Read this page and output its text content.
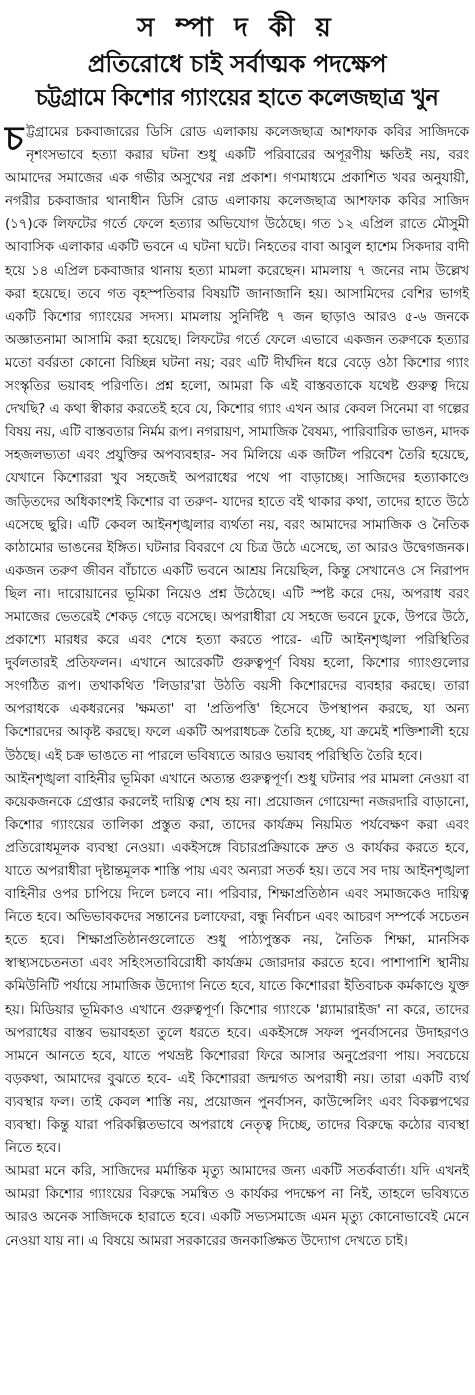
স ম্পা দ কী য়
প্রতিরোধে চাই সর্বাত্মক পদক্ষেপ
চট্টগ্রামে কিশোর গ্যাংয়ের হাতে কলেজছাত্র খুন

চট্টগ্রামের চকবাজারের ডিসি রোড এলাকায় কলেজছাত্র আশফাক কবির সাজিদকে নৃশংসভাবে হত্যা করার ঘটনা শুধু একটি পরিবারের অপূরণীয় ক্ষতিই নয়, বরং আমাদের সমাজের এক গভীর অসুখের নগ্ন প্রকাশ। গণমাধ্যমে প্রকাশিত খবর অনুযায়ী, নগরীর চকবাজার থানাধীন ডিসি রোড এলাকায় কলেজছাত্র আশফাক কবির সাজিদ (১৭)কে লিফটের গর্তে ফেলে হত্যার অভিযোগ উঠেছে। গত ১২ এপ্রিল রাতে মৌসুমী আবাসিক এলাকার একটি ভবনে এ ঘটনা ঘটে। নিহতের বাবা আবুল হাশেম সিকদার বাদী হয়ে ১৪ এপ্রিল চকবাজার থানায় হত্যা মামলা করেছেন। মামলায় ৭ জনের নাম উল্লেখ করা হয়েছে। তবে গত বৃহস্পতিবার বিষয়টি জানাজানি হয়। আসামিদের বেশির ভাগই একটি কিশোর গ্যাংয়ের সদস্য। মামলায় সুনির্দিষ্ট ৭ জন ছাড়াও আরও ৫-৬ জনকে অজ্ঞাতনামা আসামি করা হয়েছে। লিফটের গর্তে ফেলে এভাবে একজন তরুণকে হত্যার মতো বর্বরতা কোনো বিচ্ছিন্ন ঘটনা নয়; বরং এটি দীর্ঘদিন ধরে বেড়ে ওঠা কিশোর গ্যাং সংস্কৃতির ভয়াবহ পরিণতি। প্রশ্ন হলো, আমরা কি এই বাস্তবতাকে যথেষ্ট গুরুত্ব দিয়ে দেখছি? এ কথা স্বীকার করতেই হবে যে, কিশোর গ্যাং এখন আর কেবল সিনেমা বা গল্পের বিষয় নয়, এটি বাস্তবতার নির্মম রূপ। নগরায়ণ, সামাজিক বৈষম্য, পারিবারিক ভাঙন, মাদক সহজলভ্যতা এবং প্রযুক্তির অপব্যবহার- সব মিলিয়ে এক জটিল পরিবেশ তৈরি হয়েছে, যেখানে কিশোররা খুব সহজেই অপরাধের পথে পা বাড়াচ্ছে। সাজিদের হত্যাকাণ্ডে জড়িতদের অধিকাংশই কিশোর বা তরুণ- যাদের হাতে বই থাকার কথা, তাদের হাতে উঠে এসেছে ছুরি। এটি কেবল আইনশৃঙ্খলার ব্যর্থতা নয়, বরং আমাদের সামাজিক ও নৈতিক কাঠামোর ভাঙনের ইঙ্গিত। ঘটনার বিবরণে যে চিত্র উঠে এসেছে, তা আরও উদ্বেগজনক। একজন তরুণ জীবন বাঁচাতে একটি ভবনে আশ্রয় নিয়েছিল, কিন্তু সেখানেও সে নিরাপদ ছিল না। দারোয়ানের ভূমিকা নিয়েও প্রশ্ন উঠেছে। এটি স্পষ্ট করে দেয়, অপরাধ বরং সমাজের ভেতরেই শেকড় গেড়ে বসেছে। অপরাধীরা যে সহজে ভবনে ঢুকে, উপরে উঠে, প্রকাশ্যে মারধর করে এবং শেষে হত্যা করতে পারে- এটি আইনশৃঙ্খলা পরিস্থিতির দুর্বলতারই প্রতিফলন। এখানে আরেকটি গুরুত্বপূর্ণ বিষয় হলো, কিশোর গ্যাংগুলোর সংগঠিত রূপ। তথাকথিত 'লিডার'রা উঠতি বয়সী কিশোরদের ব্যবহার করছে। তারা অপরাধকে একধরনের 'ক্ষমতা' বা 'প্রতিপত্তি' হিসেবে উপস্থাপন করছে, যা অন্য কিশোরদের আকৃষ্ট করছে। ফলে একটি অপরাধচক্র তৈরি হচ্ছে, যা ক্রমেই শক্তিশালী হয়ে উঠছে। এই চক্র ভাঙতে না পারলে ভবিষ্যতে আরও ভয়াবহ পরিস্থিতি তৈরি হবে।

আইনশৃঙ্খলা বাহিনীর ভূমিকা এখানে অত্যন্ত গুরুত্বপূর্ণ। শুধু ঘটনার পর মামলা নেওয়া বা কয়েকজনকে গ্রেপ্তার করলেই দায়িত্ব শেষ হয় না। প্রয়োজন গোয়েন্দা নজরদারি বাড়ানো, কিশোর গ্যাংয়ের তালিকা প্রস্তুত করা, তাদের কার্যক্রম নিয়মিত পর্যবেক্ষণ করা এবং প্রতিরোধমূলক ব্যবস্থা নেওয়া। একইসঙ্গে বিচারপ্রক্রিয়াকে দ্রুত ও কার্যকর করতে হবে, যাতে অপরাধীরা দৃষ্টান্তমূলক শাস্তি পায় এবং অন্যরা সতর্ক হয়। তবে সব দায় আইনশৃঙ্খলা বাহিনীর ওপর চাপিয়ে দিলে চলবে না। পরিবার, শিক্ষাপ্রতিষ্ঠান এবং সমাজকেও দায়িত্ব নিতে হবে। অভিভাবকদের সন্তানের চলাফেরা, বন্ধু নির্বাচন এবং আচরণ সম্পর্কে সচেতন হতে হবে। শিক্ষাপ্রতিষ্ঠানগুলোতে শুধু পাঠ্যপুস্তক নয়, নৈতিক শিক্ষা, মানসিক স্বাস্থ্যসচেতনতা এবং সহিংসতাবিরোধী কার্যক্রম জোরদার করতে হবে। পাশাপাশি স্থানীয় কমিউনিটি পর্যায়ে সামাজিক উদ্যোগ নিতে হবে, যাতে কিশোররা ইতিবাচক কর্মকাণ্ডে যুক্ত হয়। মিডিয়ার ভূমিকাও এখানে গুরুত্বপূর্ণ। কিশোর গ্যাংকে 'গ্ল্যামারাইজ' না করে, তাদের অপরাধের বাস্তব ভয়াবহতা তুলে ধরতে হবে। একইসঙ্গে সফল পুনর্বাসনের উদাহরণও সামনে আনতে হবে, যাতে পথভ্রষ্ট কিশোররা ফিরে আসার অনুপ্রেরণা পায়। সবচেয়ে বড়কথা, আমাদের বুঝতে হবে- এই কিশোররা জন্মগত অপরাধী নয়। তারা একটি ব্যর্থ ব্যবস্থার ফল। তাই কেবল শাস্তি নয়, প্রয়োজন পুনর্বাসন, কাউন্সেলিং এবং বিকল্পপথের ব্যবস্থা। কিন্তু যারা পরিকল্পিতভাবে অপরাধে নেতৃত্ব দিচ্ছে, তাদের বিরুদ্ধে কঠোর ব্যবস্থা নিতে হবে।

আমরা মনে করি, সাজিদের মর্মান্তিক মৃত্যু আমাদের জন্য একটি সতর্কবার্তা। যদি এখনই আমরা কিশোর গ্যাংয়ের বিরুদ্ধে সমন্বিত ও কার্যকর পদক্ষেপ না নিই, তাহলে ভবিষ্যতে আরও অনেক সাজিদকে হারাতে হবে। একটি সভ্যসমাজে এমন মৃত্যু কোনোভাবেই মেনে নেওয়া যায় না। এ বিষয়ে আমরা সরকারের জনকাঙ্ক্ষিত উদ্যোগ দেখতে চাই।
